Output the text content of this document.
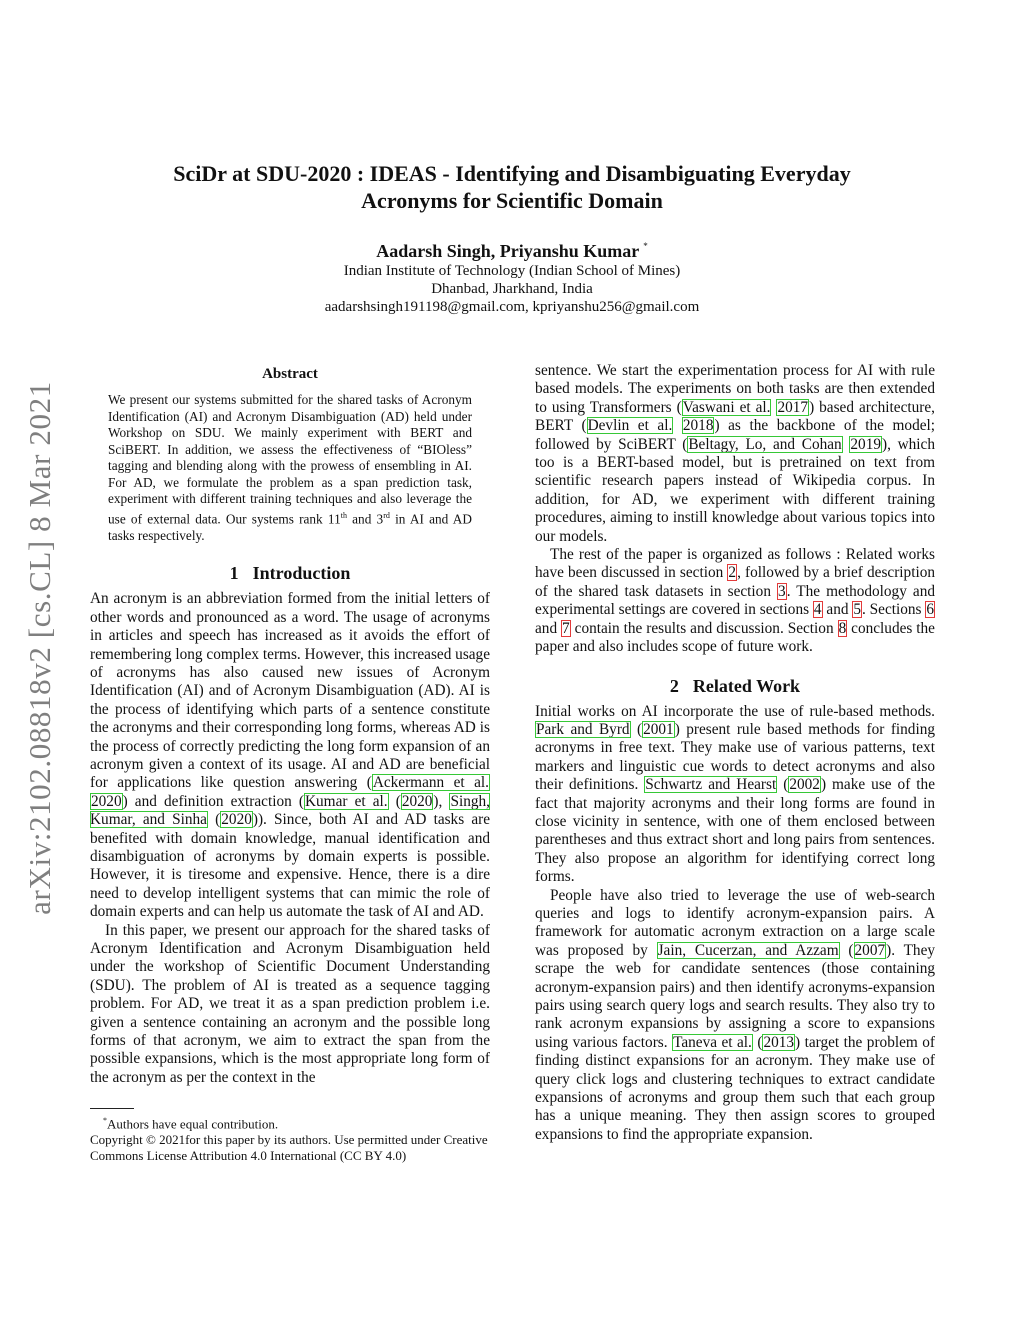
arXiv:2102.08818v2 [cs.CL] 8 Mar 2021
SciDr at SDU-2020 : IDEAS - Identifying and Disambiguating Everyday
Acronyms for Scientific Domain
Aadarsh Singh, Priyanshu Kumar *
Indian Institute of Technology (Indian School of Mines)
Dhanbad, Jharkhand, India
aadarshsingh191198@gmail.com, kpriyanshu256@gmail.com
Abstract

We present our systems submitted for the shared tasks of Acronym Identification (AI) and Acronym Disambiguation (AD) held under Workshop on SDU. We mainly experiment with BERT and SciBERT. In addition, we assess the effectiveness of “BIOless” tagging and blending along with the prowess of ensembling in AI. For AD, we formulate the problem as a span prediction task, experiment with different training techniques and also leverage the use of external data. Our systems rank 11th and 3rd in AI and AD tasks respectively.

1 Introduction

An acronym is an abbreviation formed from the initial letters of other words and pronounced as a word. The usage of acronyms in articles and speech has increased as it avoids the effort of remembering long complex terms. However, this increased usage of acronyms has also caused new issues of Acronym Identification (AI) and of Acronym Disambiguation (AD). AI is the process of identifying which parts of a sentence constitute the acronyms and their corresponding long forms, whereas AD is the process of correctly predicting the long form expansion of an acronym given a context of its usage. AI and AD are beneficial for applications like question answering (Ackermann et al. 2020) and definition extraction (Kumar et al. (2020), Singh, Kumar, and Sinha (2020)). Since, both AI and AD tasks are benefited with domain knowledge, manual identification and disambiguation of acronyms by domain experts is possible. However, it is tiresome and expensive. Hence, there is a dire need to develop intelligent systems that can mimic the role of domain experts and can help us automate the task of AI and AD.

In this paper, we present our approach for the shared tasks of Acronym Identification and Acronym Disambiguation held under the workshop of Scientific Document Understanding (SDU). The problem of AI is treated as a sequence tagging problem. For AD, we treat it as a span prediction problem i.e. given a sentence containing an acronym and the possible long forms of that acronym, we aim to extract the span from the possible expansions, which is the most appropriate long form of the acronym as per the context in the

*Authors have equal contribution.
Copyright © 2021for this paper by its authors. Use permitted under Creative Commons License Attribution 4.0 International (CC BY 4.0)

sentence. We start the experimentation process for AI with rule based models. The experiments on both tasks are then extended to using Transformers (Vaswani et al. 2017) based architecture, BERT (Devlin et al. 2018) as the backbone of the model; followed by SciBERT (Beltagy, Lo, and Cohan 2019), which too is a BERT-based model, but is pretrained on text from scientific research papers instead of Wikipedia corpus. In addition, for AD, we experiment with different training procedures, aiming to instill knowledge about various topics into our models.

The rest of the paper is organized as follows : Related works have been discussed in section 2, followed by a brief description of the shared task datasets in section 3. The methodology and experimental settings are covered in sections 4 and 5. Sections 6 and 7 contain the results and discussion. Section 8 concludes the paper and also includes scope of future work.

2 Related Work

Initial works on AI incorporate the use of rule-based methods. Park and Byrd (2001) present rule based methods for finding acronyms in free text. They make use of various patterns, text markers and linguistic cue words to detect acronyms and also their definitions. Schwartz and Hearst (2002) make use of the fact that majority acronyms and their long forms are found in close vicinity in sentence, with one of them enclosed between parentheses and thus extract short and long pairs from sentences. They also propose an algorithm for identifying correct long forms.

People have also tried to leverage the use of web-search queries and logs to identify acronym-expansion pairs. A framework for automatic acronym extraction on a large scale was proposed by Jain, Cucerzan, and Azzam (2007). They scrape the web for candidate sentences (those containing acronym-expansion pairs) and then identify acronyms-expansion pairs using search query logs and search results. They also try to rank acronym expansions by assigning a score to expansions using various factors. Taneva et al. (2013) target the problem of finding distinct expansions for an acronym. They make use of query click logs and clustering techniques to extract candidate expansions of acronyms and group them such that each group has a unique meaning. They then assign scores to grouped expansions to find the appropriate expansion.
